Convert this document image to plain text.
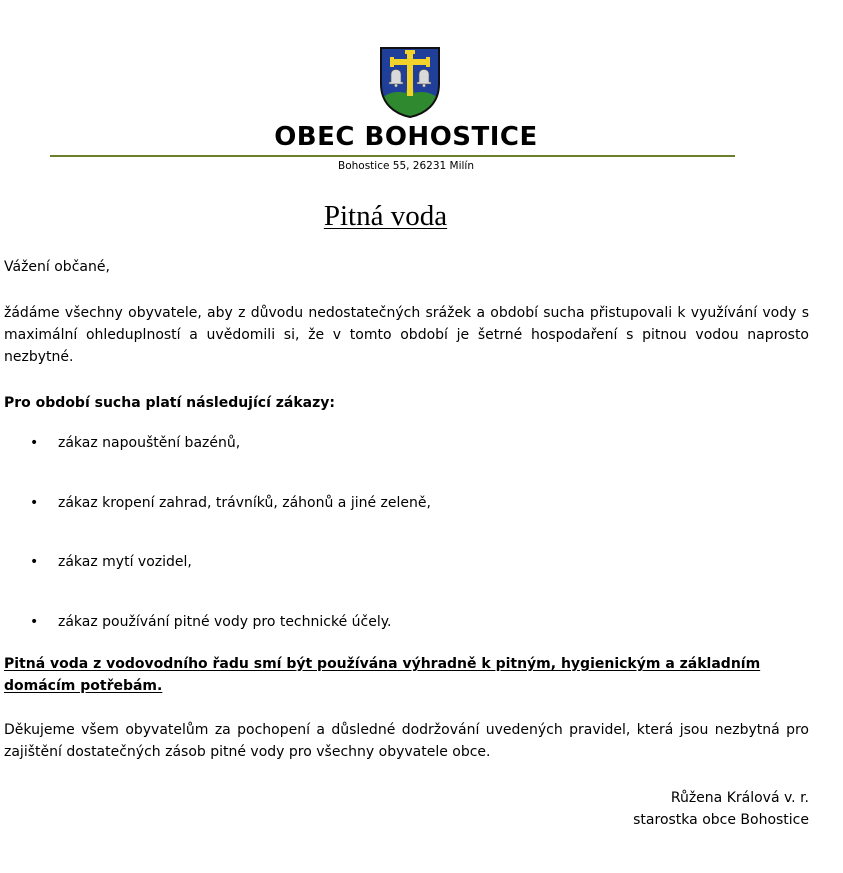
OBEC BOHOSTICE
Bohostice 55, 26231 Milín
Pitná voda
Vážení občané,
žádáme všechny obyvatele, aby z důvodu nedostatečných srážek a období sucha přistupovali k využívání vody s maximální ohleduplností a uvědomili si, že v tomto období je šetrné hospodaření s pitnou vodou naprosto nezbytné.
Pro období sucha platí následující zákazy:
• zákaz napouštění bazénů,
• zákaz kropení zahrad, trávníků, záhonů a jiné zeleně,
• zákaz mytí vozidel,
• zákaz používání pitné vody pro technické účely.
Pitná voda z vodovodního řadu smí být používána výhradně k pitným, hygienickým a základním domácím potřebám.
Děkujeme všem obyvatelům za pochopení a důsledné dodržování uvedených pravidel, která jsou nezbytná pro zajištění dostatečných zásob pitné vody pro všechny obyvatele obce.
Růžena Králová v. r.
starostka obce Bohostice
